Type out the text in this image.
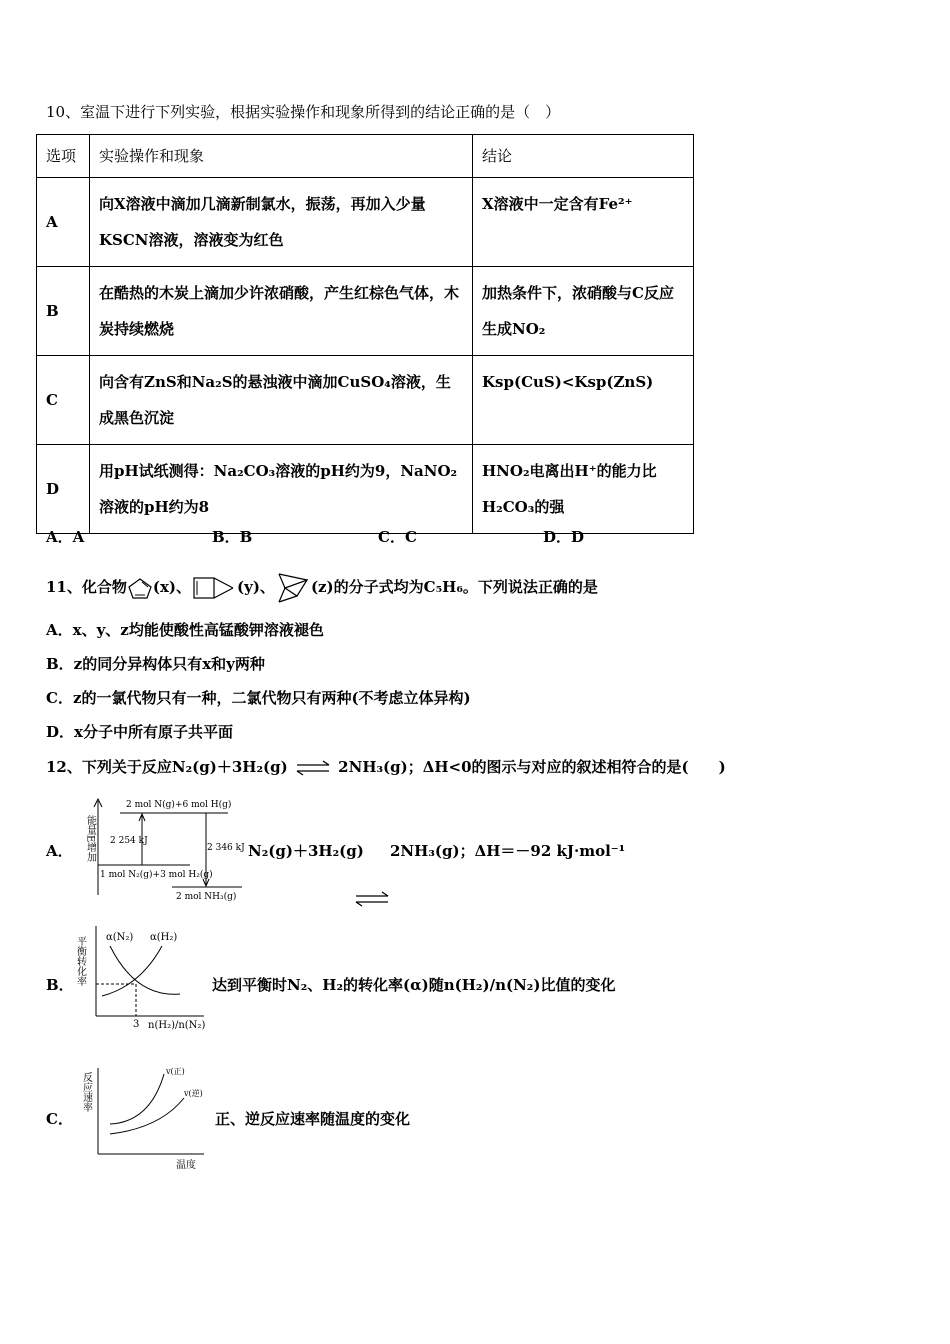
10、室温下进行下列实验，根据实验操作和现象所得到的结论正确的是（　）
选项	实验操作和现象	结论
A	向X溶液中滴加几滴新制氯水，振荡，再加入少量KSCN溶液，溶液变为红色	X溶液中一定含有Fe²⁺
B	在酷热的木炭上滴加少许浓硝酸，产生红棕色气体，木炭持续燃烧	加热条件下，浓硝酸与C反应生成NO₂
C	向含有ZnS和Na₂S的悬浊液中滴加CuSO₄溶液，生成黑色沉淀	Ksp(CuS)<Ksp(ZnS)
D	用pH试纸测得：Na₂CO₃溶液的pH约为9，NaNO₂溶液的pH约为8	HNO₂电离出H⁺的能力比H₂CO₃的强
A．A	B．B	C．C	D．D
11、化合物 (x)、	(y)、 (z)的分子式均为C₅H₆。下列说法正确的是
A．x、y、z均能使酸性高锰酸钾溶液褪色
B．z的同分异构体只有x和y两种
C．z的一氯代物只有一种，二氯代物只有两种(不考虑立体异构)
D．x分子中所有原子共平面
12、下列关于反应N₂(g)＋3H₂(g) ⇌ 2NH₃(g)；ΔH<0的图示与对应的叙述相符合的是(　　)
A． 能量E增加
2 mol N(g)+6 mol H(g)
1 mol N₂(g)+3 mol H₂(g)
2 mol NH₃(g)
2 254 kJ
2 346 kJ N₂(g)＋3H₂(g) 2NH₃(g)；ΔH＝－92 kJ·mol⁻¹
B． 平衡转化率 α(N₂) α(H₂)
3 n(H₂)/n(N₂)
达到平衡时N₂、H₂的转化率(α)随n(H₂)/n(N₂)比值的变化
C．
反应速率
v(正)
v(逆)
温度
正、逆反应速率随温度的变化
